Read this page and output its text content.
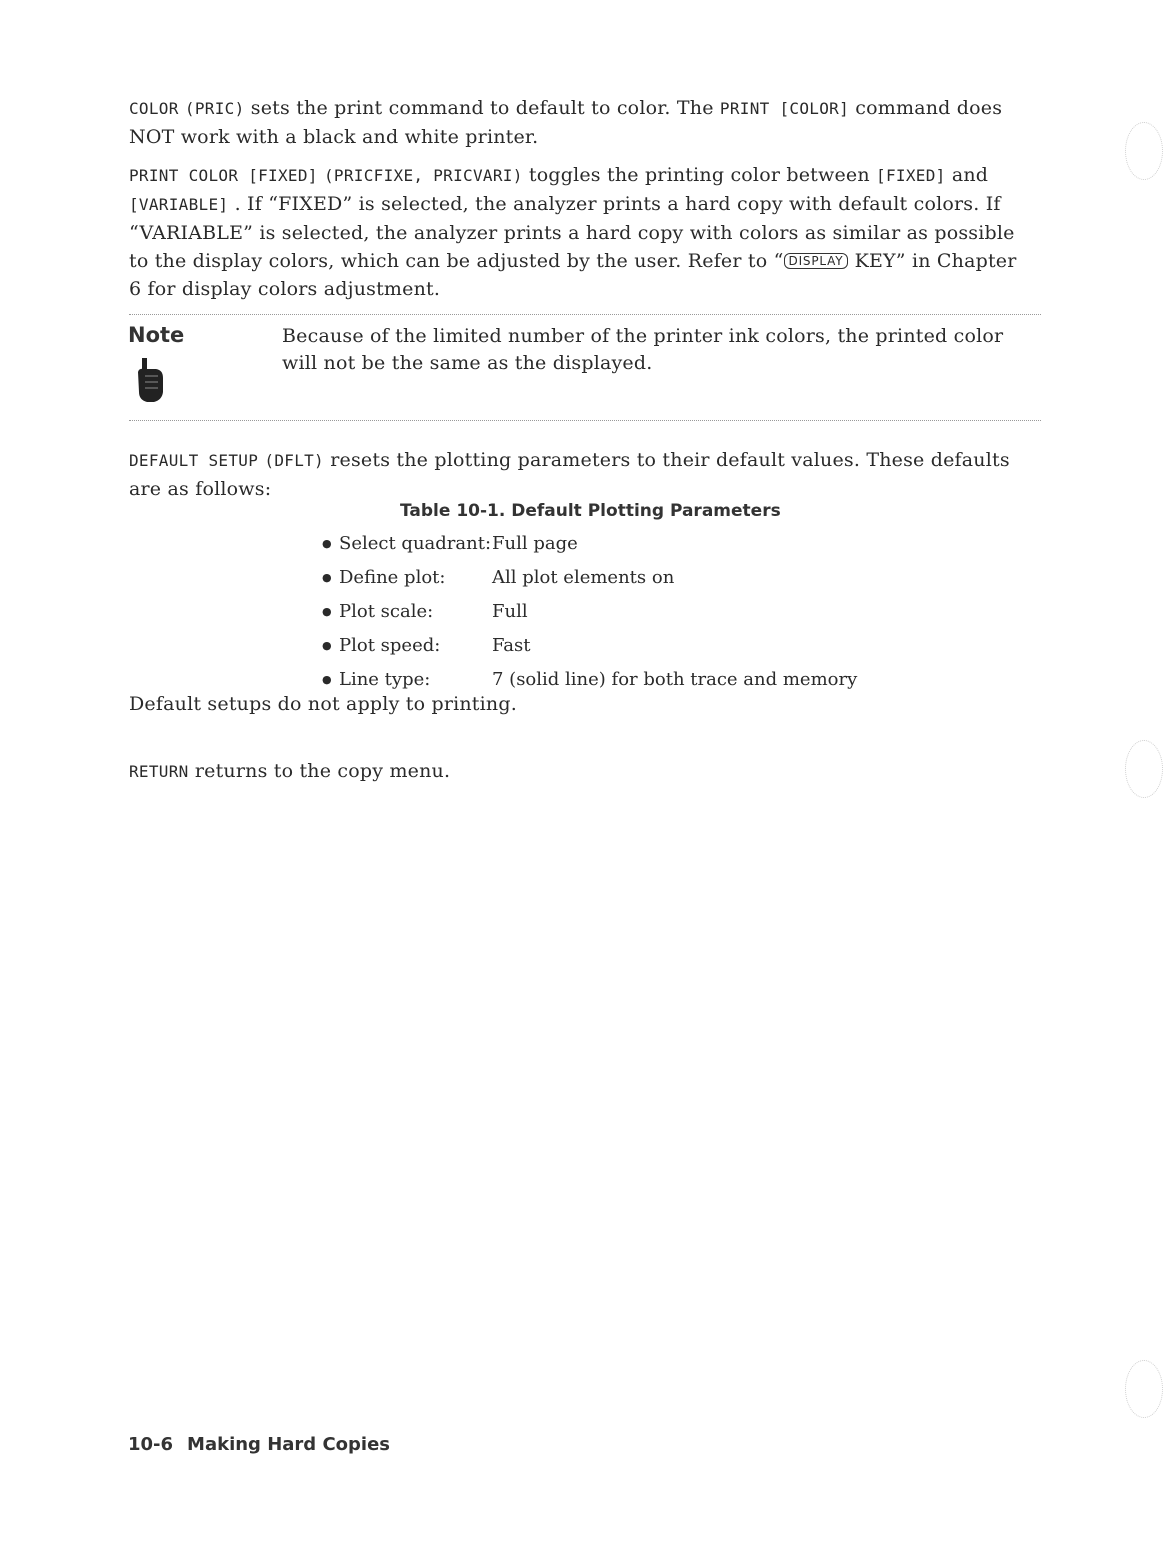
COLOR (PRIC) sets the print command to default to color. The PRINT [COLOR] command does NOT work with a black and white printer.

PRINT COLOR [FIXED] (PRICFIXE, PRICVARI) toggles the printing color between [FIXED] and [VARIABLE] . If “FIXED” is selected, the analyzer prints a hard copy with default colors. If “VARIABLE” is selected, the analyzer prints a hard copy with colors as similar as possible to the display colors, which can be adjusted by the user. Refer to “ DISPLAY KEY” in Chapter 6 for display colors adjustment.

Note	Because of the limited number of the printer ink colors, the printed color will not be the same as the displayed.

DEFAULT SETUP (DFLT) resets the plotting parameters to their default values. These defaults are as follows:

Table 10-1. Default Plotting Parameters
● Select quadrant: Full page
● Define plot:	All plot elements on
● Plot scale:	Full
● Plot speed:	Fast
● Line type:	7 (solid line) for both trace and memory

Default setups do not apply to printing.

RETURN returns to the copy menu.

10-6 Making Hard Copies
